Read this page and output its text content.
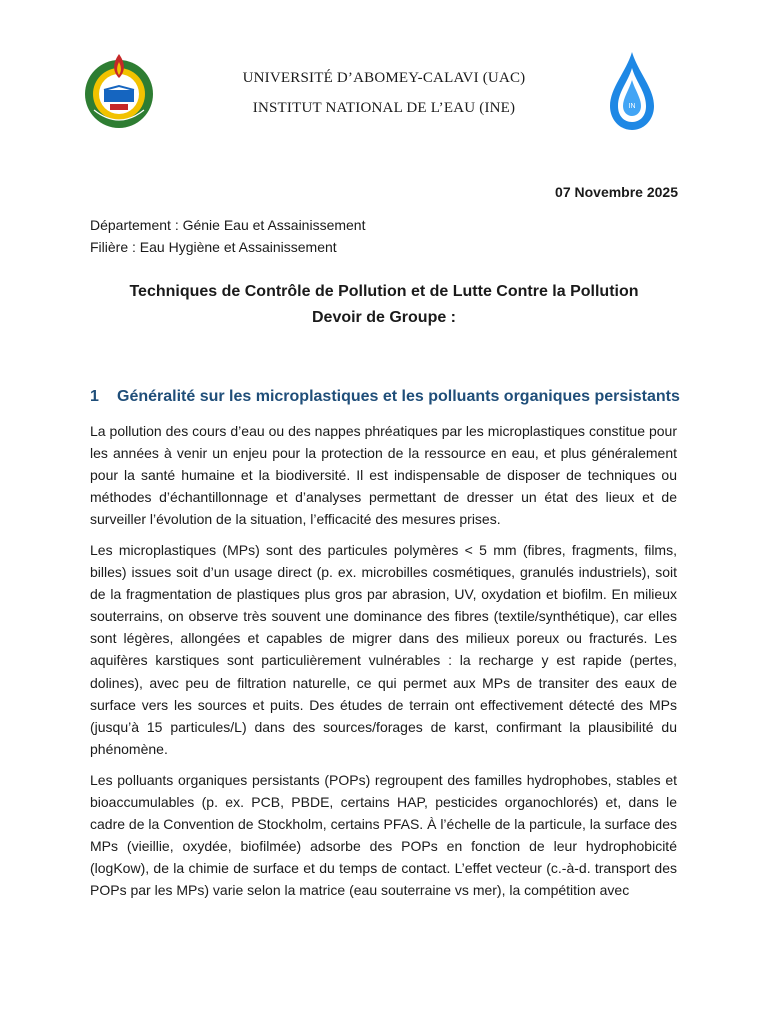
IN
UNIVERSITÉ D’ABOMEY-CALAVI (UAC)
INSTITUT NATIONAL DE L’EAU (INE)
07 Novembre 2025
Département : Génie Eau et Assainissement
Filière : Eau Hygiène et Assainissement
Techniques de Contrôle de Pollution et de Lutte Contre la Pollution
Devoir de Groupe :
1 Généralité sur les microplastiques et les polluants organiques persistants

La pollution des cours d’eau ou des nappes phréatiques par les microplastiques constitue pour les années à venir un enjeu pour la protection de la ressource en eau, et plus généralement pour la santé humaine et la biodiversité. Il est indispensable de disposer de techniques ou méthodes d’échantillonnage et d’analyses permettant de dresser un état des lieux et de surveiller l’évolution de la situation, l’efficacité des mesures prises.

Les microplastiques (MPs) sont des particules polymères < 5 mm (fibres, fragments, films, billes) issues soit d’un usage direct (p. ex. microbilles cosmétiques, granulés industriels), soit de la fragmentation de plastiques plus gros par abrasion, UV, oxydation et biofilm. En milieux souterrains, on observe très souvent une dominance des fibres (textile/synthétique), car elles sont légères, allongées et capables de migrer dans des milieux poreux ou fracturés. Les aquifères karstiques sont particulièrement vulnérables : la recharge y est rapide (pertes, dolines), avec peu de filtration naturelle, ce qui permet aux MPs de transiter des eaux de surface vers les sources et puits. Des études de terrain ont effectivement détecté des MPs (jusqu’à 15 particules/L) dans des sources/forages de karst, confirmant la plausibilité du phénomène.

Les polluants organiques persistants (POPs) regroupent des familles hydrophobes, stables et bioaccumulables (p. ex. PCB, PBDE, certains HAP, pesticides organochlorés) et, dans le cadre de la Convention de Stockholm, certains PFAS. À l’échelle de la particule, la surface des MPs (vieillie, oxydée, biofilmée) adsorbe des POPs en fonction de leur hydrophobicité (logKow), de la chimie de surface et du temps de contact. L’effet vecteur (c.-à-d. transport des POPs par les MPs) varie selon la matrice (eau souterraine vs mer), la compétition avec
